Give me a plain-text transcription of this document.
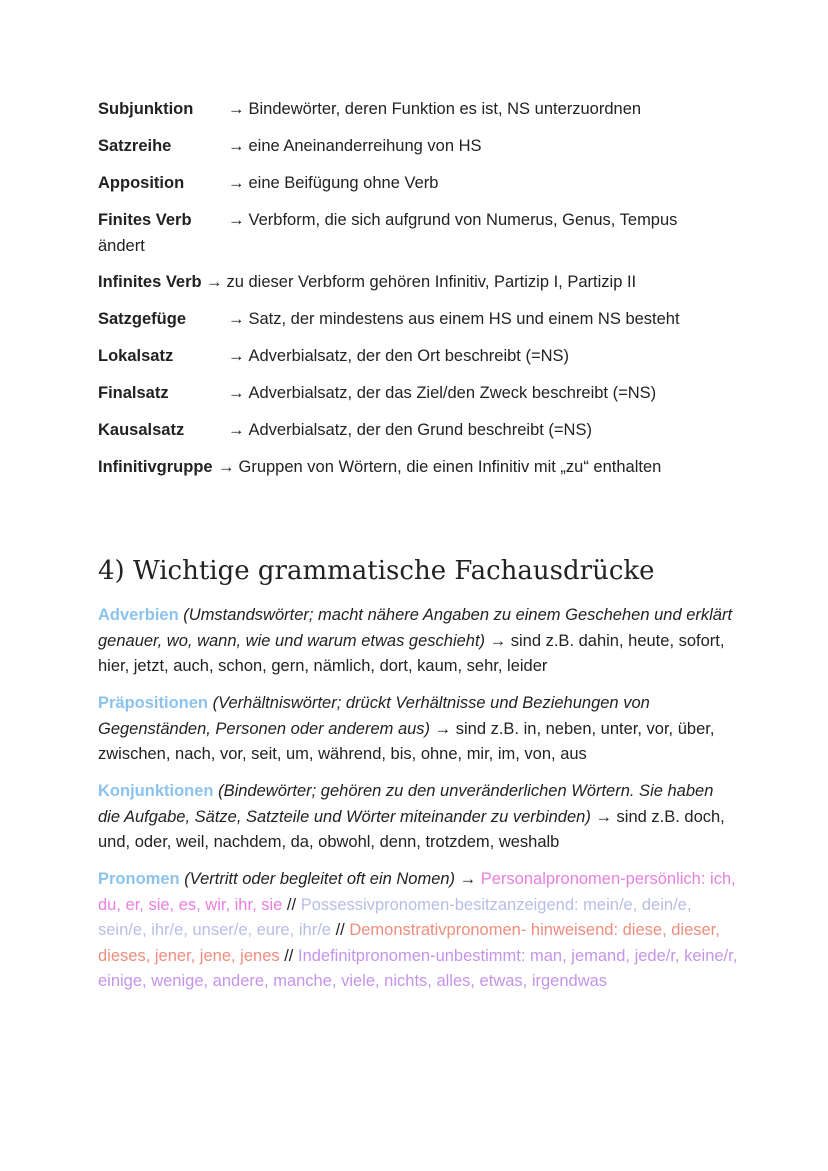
Subjunktion → Bindewörter, deren Funktion es ist, NS unterzuordnen
Satzreihe	→ eine Aneinanderreihung von HS
Apposition	→ eine Beifügung ohne Verb
Finites Verb → Verbform, die sich aufgrund von Numerus, Genus, Tempus
ändert
Infinites Verb → zu dieser Verbform gehören Infinitiv, Partizip I, Partizip II
Satzgefüge	→ Satz, der mindestens aus einem HS und einem NS besteht
Lokalsatz	→ Adverbialsatz, der den Ort beschreibt (=NS)
Finalsatz	→ Adverbialsatz, der das Ziel/den Zweck beschreibt (=NS)
Kausalsatz	→ Adverbialsatz, der den Grund beschreibt (=NS)
Infinitivgruppe → Gruppen von Wörtern, die einen Infinitiv mit „zu“ enthalten
4) Wichtige grammatische Fachausdrücke
Adverbien (Umstandswörter; macht nähere Angaben zu einem Geschehen und erklärt genauer, wo, wann, wie und warum etwas geschieht) → sind z.B. dahin, heute, sofort, hier, jetzt, auch, schon, gern, nämlich, dort, kaum, sehr, leider
Präpositionen (Verhältniswörter; drückt Verhältnisse und Beziehungen von Gegenständen, Personen oder anderem aus) → sind z.B. in, neben, unter, vor, über, zwischen, nach, vor, seit, um, während, bis, ohne, mir, im, von, aus
Konjunktionen (Bindewörter; gehören zu den unveränderlichen Wörtern. Sie haben die Aufgabe, Sätze, Satzteile und Wörter miteinander zu verbinden) → sind z.B. doch, und, oder, weil, nachdem, da, obwohl, denn, trotzdem, weshalb
Pronomen (Vertritt oder begleitet oft ein Nomen) → Personalpronomen-persönlich: ich, du, er, sie, es, wir, ihr, sie // Possessivpronomen-besitzanzeigend: mein/e, dein/e, sein/e, ihr/e, unser/e, eure, ihr/e // Demonstrativpronomen- hinweisend: diese, dieser, dieses, jener, jene, jenes // Indefinitpronomen-unbestimmt: man, jemand, jede/r, keine/r, einige, wenige, andere, manche, viele, nichts, alles, etwas, irgendwas
